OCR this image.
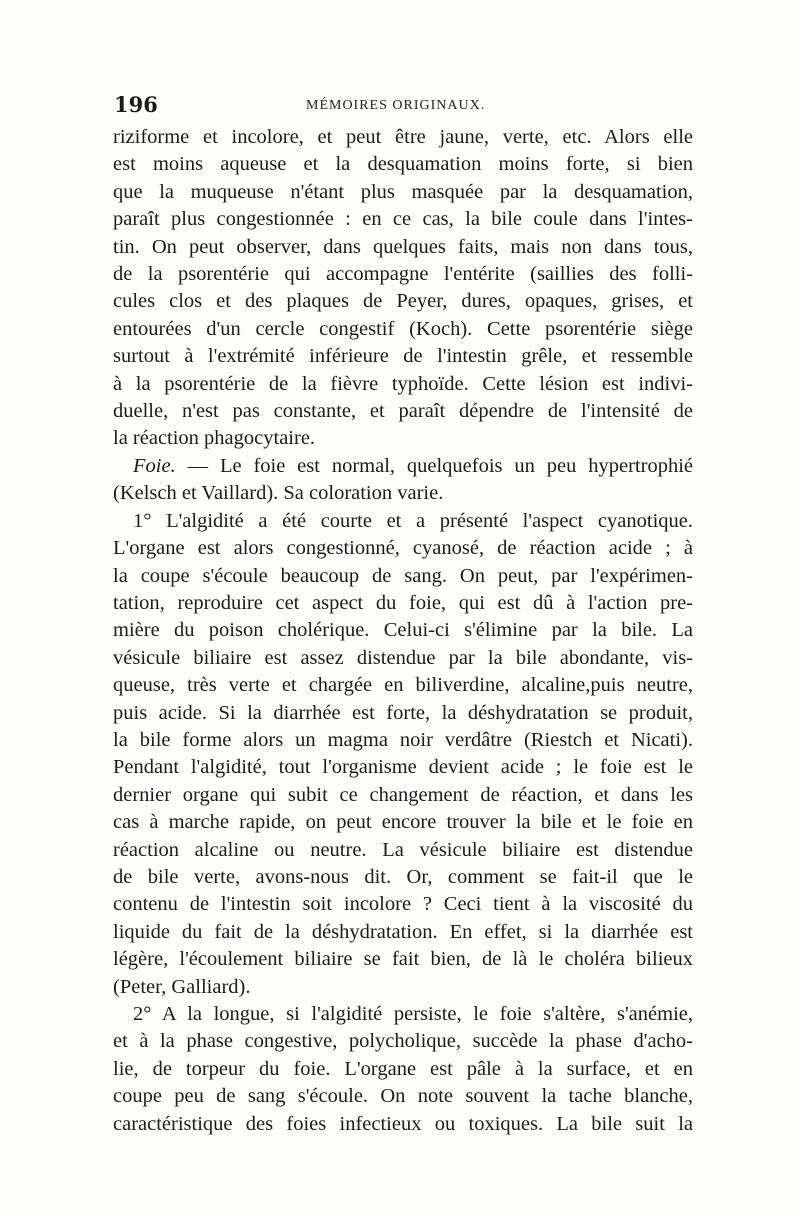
196	MÉMOIRES ORIGINAUX.

riziforme et incolore, et peut être jaune, verte, etc. Alors elle
est moins aqueuse et la desquamation moins forte, si bien
que la muqueuse n'étant plus masquée par la desquamation,
paraît plus congestionnée : en ce cas, la bile coule dans l'intes-
tin. On peut observer, dans quelques faits, mais non dans tous,
de la psorentérie qui accompagne l'entérite (saillies des folli-
cules clos et des plaques de Peyer, dures, opaques, grises, et
entourées d'un cercle congestif (Koch). Cette psorentérie siège
surtout à l'extrémité inférieure de l'intestin grêle, et ressemble
à la psorentérie de la fièvre typhoïde. Cette lésion est indivi-
duelle, n'est pas constante, et paraît dépendre de l'intensité de
la réaction phagocytaire.

Foie. — Le foie est normal, quelquefois un peu hypertrophié
(Kelsch et Vaillard). Sa coloration varie.

1° L'algidité a été courte et a présenté l'aspect cyanotique.
L'organe est alors congestionné, cyanosé, de réaction acide ; à
la coupe s'écoule beaucoup de sang. On peut, par l'expérimen-
tation, reproduire cet aspect du foie, qui est dû à l'action pre-
mière du poison cholérique. Celui-ci s'élimine par la bile. La
vésicule biliaire est assez distendue par la bile abondante, vis-
queuse, très verte et chargée en biliverdine, alcaline,puis neutre,
puis acide. Si la diarrhée est forte, la déshydratation se produit,
la bile forme alors un magma noir verdâtre (Riestch et Nicati).
Pendant l'algidité, tout l'organisme devient acide ; le foie est le
dernier organe qui subit ce changement de réaction, et dans les
cas à marche rapide, on peut encore trouver la bile et le foie en
réaction alcaline ou neutre. La vésicule biliaire est distendue
de bile verte, avons-nous dit. Or, comment se fait-il que le
contenu de l'intestin soit incolore ? Ceci tient à la viscosité du
liquide du fait de la déshydratation. En effet, si la diarrhée est
légère, l'écoulement biliaire se fait bien, de là le choléra bilieux
(Peter, Galliard).

2° A la longue, si l'algidité persiste, le foie s'altère, s'anémie,
et à la phase congestive, polycholique, succède la phase d'acho-
lie, de torpeur du foie. L'organe est pâle à la surface, et en
coupe peu de sang s'écoule. On note souvent la tache blanche,
caractéristique des foies infectieux ou toxiques. La bile suit la
